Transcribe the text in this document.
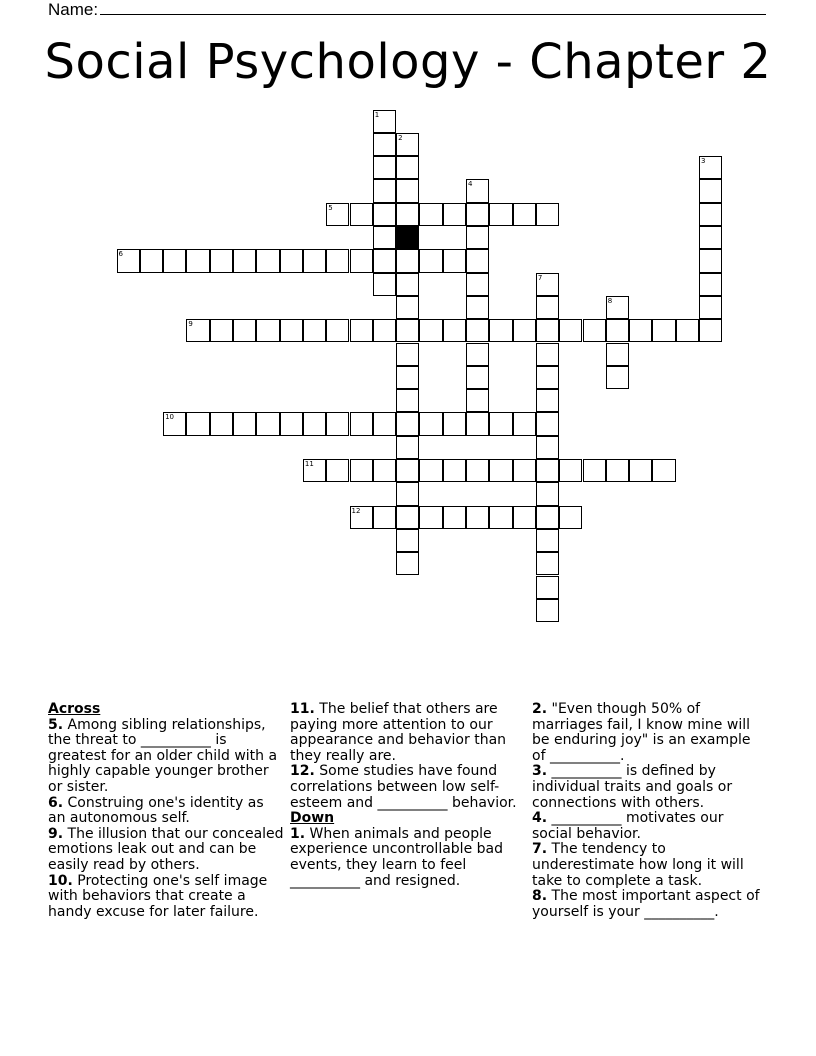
Name:
Social Psychology - Chapter 2
1
2
3
4
5
6
7
8
9
10
11
12
Across
5. Among sibling relationships, the threat to __________ is greatest for an older child with a highly capable younger brother or sister.
6. Construing one's identity as an autonomous self.
9. The illusion that our concealed emotions leak out and can be easily read by others.
10. Protecting one's self image with behaviors that create a handy excuse for later failure.
11. The belief that others are paying more attention to our appearance and behavior than they really are.
12. Some studies have found correlations between low self-esteem and __________ behavior.
Down
1. When animals and people experience uncontrollable bad events, they learn to feel __________ and resigned.
2. "Even though 50% of marriages fail, I know mine will be enduring joy" is an example of __________.
3. __________ is defined by individual traits and goals or connections with others.
4. __________ motivates our social behavior.
7. The tendency to underestimate how long it will take to complete a task.
8. The most important aspect of yourself is your __________.
